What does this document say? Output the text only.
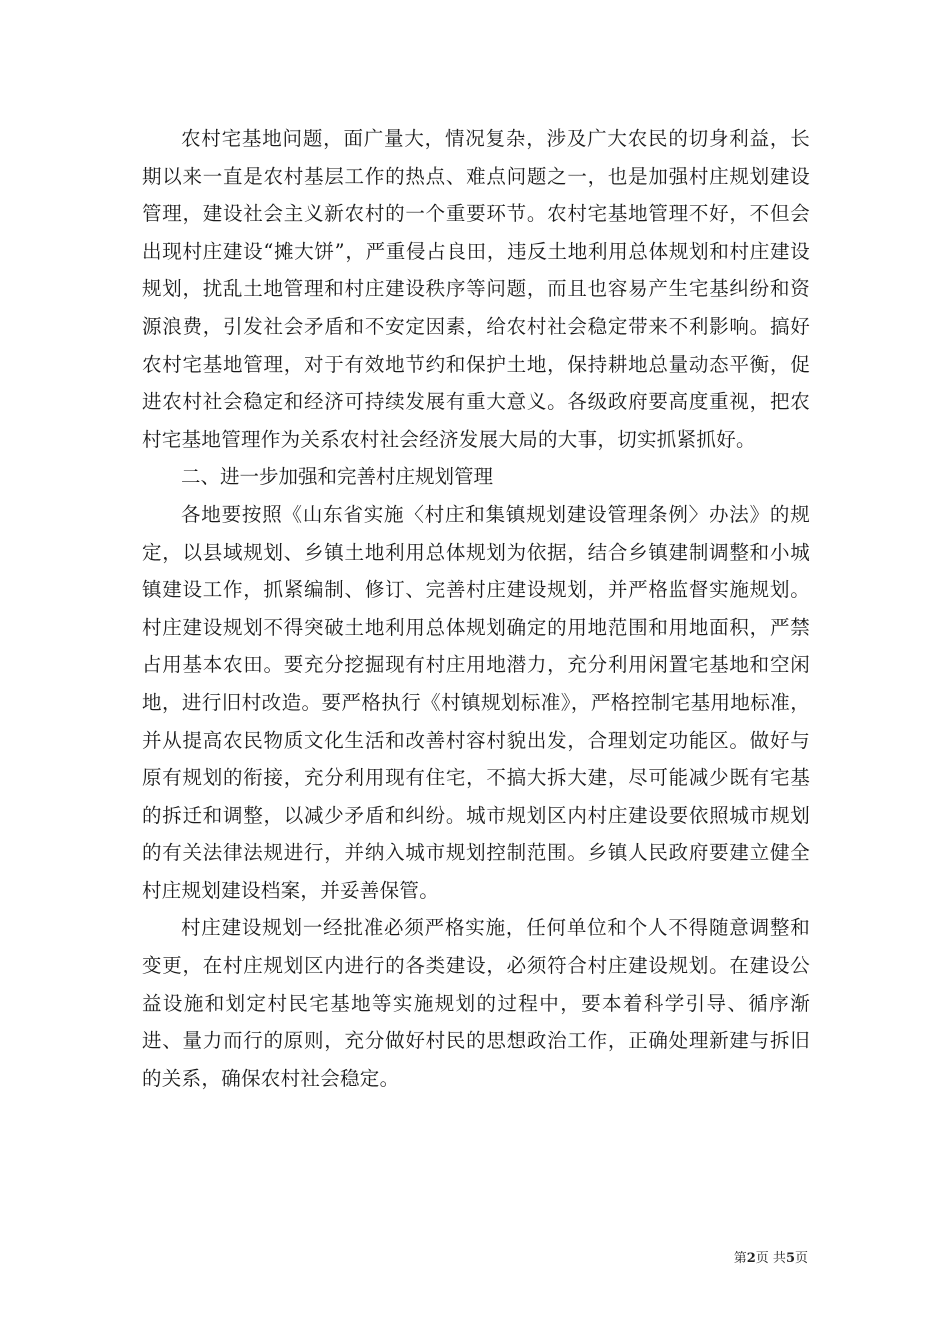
农村宅基地问题，面广量大，情况复杂，涉及广大农民的切身利益，长期以来一直是农村基层工作的热点、难点问题之一，也是加强村庄规划建设管理，建设社会主义新农村的一个重要环节。农村宅基地管理不好，不但会出现村庄建设“摊大饼”，严重侵占良田，违反土地利用总体规划和村庄建设规划，扰乱土地管理和村庄建设秩序等问题，而且也容易产生宅基纠纷和资源浪费，引发社会矛盾和不安定因素，给农村社会稳定带来不利影响。搞好农村宅基地管理，对于有效地节约和保护土地，保持耕地总量动态平衡，促进农村社会稳定和经济可持续发展有重大意义。各级政府要高度重视，把农村宅基地管理作为关系农村社会经济发展大局的大事，切实抓紧抓好。

二、进一步加强和完善村庄规划管理

各地要按照《山东省实施〈村庄和集镇规划建设管理条例〉办法》的规定，以县域规划、乡镇土地利用总体规划为依据，结合乡镇建制调整和小城镇建设工作，抓紧编制、修订、完善村庄建设规划，并严格监督实施规划。村庄建设规划不得突破土地利用总体规划确定的用地范围和用地面积，严禁占用基本农田。要充分挖掘现有村庄用地潜力，充分利用闲置宅基地和空闲地，进行旧村改造。要严格执行《村镇规划标准》，严格控制宅基用地标准，并从提高农民物质文化生活和改善村容村貌出发，合理划定功能区。做好与原有规划的衔接，充分利用现有住宅，不搞大拆大建，尽可能减少既有宅基的拆迁和调整，以减少矛盾和纠纷。城市规划区内村庄建设要依照城市规划的有关法律法规进行，并纳入城市规划控制范围。乡镇人民政府要建立健全村庄规划建设档案，并妥善保管。

村庄建设规划一经批准必须严格实施，任何单位和个人不得随意调整和变更，在村庄规划区内进行的各类建设，必须符合村庄建设规划。在建设公益设施和划定村民宅基地等实施规划的过程中，要本着科学引导、循序渐进、量力而行的原则，充分做好村民的思想政治工作，正确处理新建与拆旧的关系，确保农村社会稳定。

第2页 共5页
